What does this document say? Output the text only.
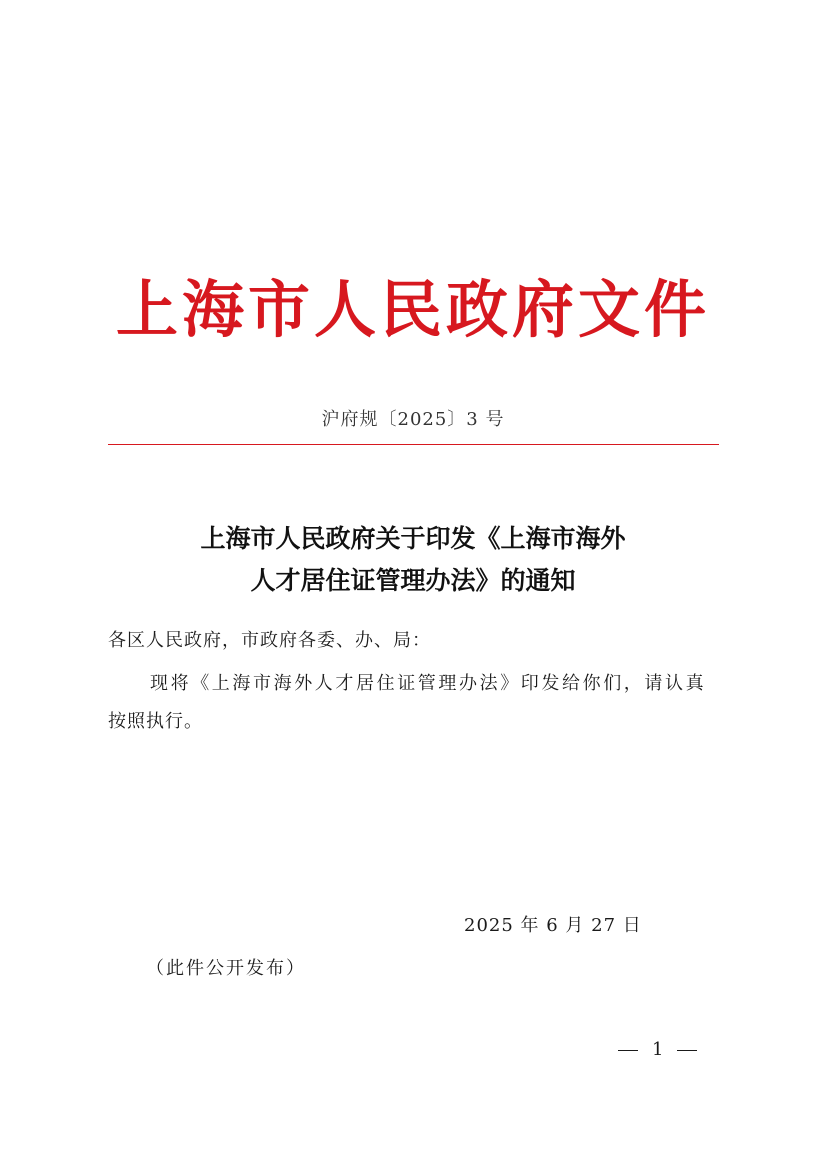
上海市人民政府文件
沪府规〔2025〕3 号
上海市人民政府关于印发《上海市海外
人才居住证管理办法》的通知
各区人民政府，市政府各委、办、局：
现将《上海市海外人才居住证管理办法》印发给你们，请认真
按照执行。
2025 年 6 月 27 日
（此件公开发布）
1
